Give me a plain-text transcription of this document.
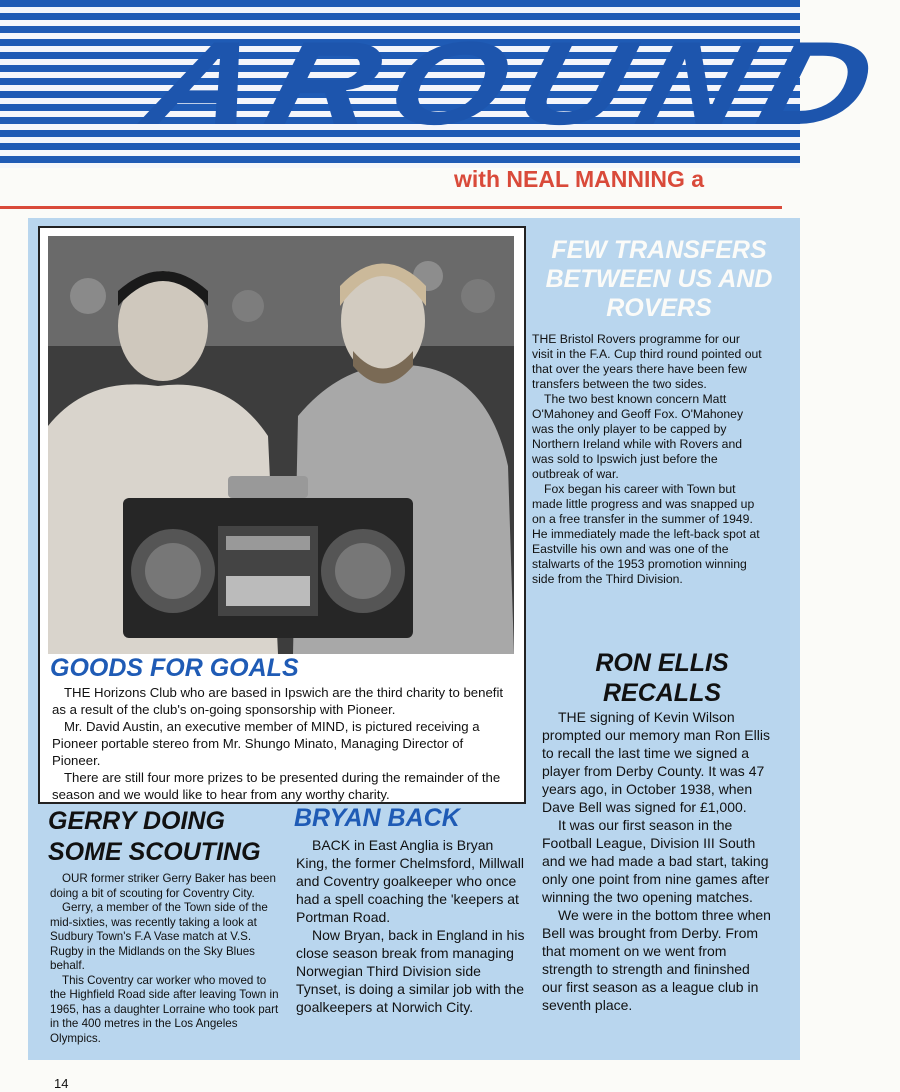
AROUND
with NEAL MANNING a
GOODS FOR GOALS

THE Horizons Club who are based in Ipswich are the third charity to benefit as a result of the club's on-going sponsorship with Pioneer.

Mr. David Austin, an executive member of MIND, is pictured receiving a Pioneer portable stereo from Mr. Shungo Minato, Managing Director of Pioneer.

There are still four more prizes to be presented during the remainder of the season and we would like to hear from any worthy charity.

FEW TRANSFERS BETWEEN US AND ROVERS

THE Bristol Rovers programme for our visit in the F.A. Cup third round pointed out that over the years there have been few transfers between the two sides.

The two best known concern Matt O'Mahoney and Geoff Fox. O'Mahoney was the only player to be capped by Northern Ireland while with Rovers and was sold to Ipswich just before the outbreak of war.

Fox began his career with Town but made little progress and was snapped up on a free transfer in the summer of 1949.

He immediately made the left-back spot at Eastville his own and was one of the stalwarts of the 1953 promotion winning side from the Third Division.

RON ELLIS RECALLS

THE signing of Kevin Wilson prompted our memory man Ron Ellis to recall the last time we signed a player from Derby County. It was 47 years ago, in October 1938, when Dave Bell was signed for £1,000.

It was our first season in the Football League, Division III South and we had made a bad start, taking only one point from nine games after winning the two opening matches.

We were in the bottom three when Bell was brought from Derby. From that moment on we went from strength to strength and fininshed our first season as a league club in seventh place.

GERRY DOING SOME SCOUTING

OUR former striker Gerry Baker has been doing a bit of scouting for Coventry City.

Gerry, a member of the Town side of the mid-sixties, was recently taking a look at Sudbury Town's F.A Vase match at V.S. Rugby in the Midlands on the Sky Blues behalf.

This Coventry car worker who moved to the Highfield Road side after leaving Town in 1965, has a daughter Lorraine who took part in the 400 metres in the Los Angeles Olympics.

BRYAN BACK

BACK in East Anglia is Bryan King, the former Chelmsford, Millwall and Coventry goalkeeper who once had a spell coaching the 'keepers at Portman Road.

Now Bryan, back in England in his close season break from managing Norwegian Third Division side Tynset, is doing a similar job with the goalkeepers at Norwich City.

14
